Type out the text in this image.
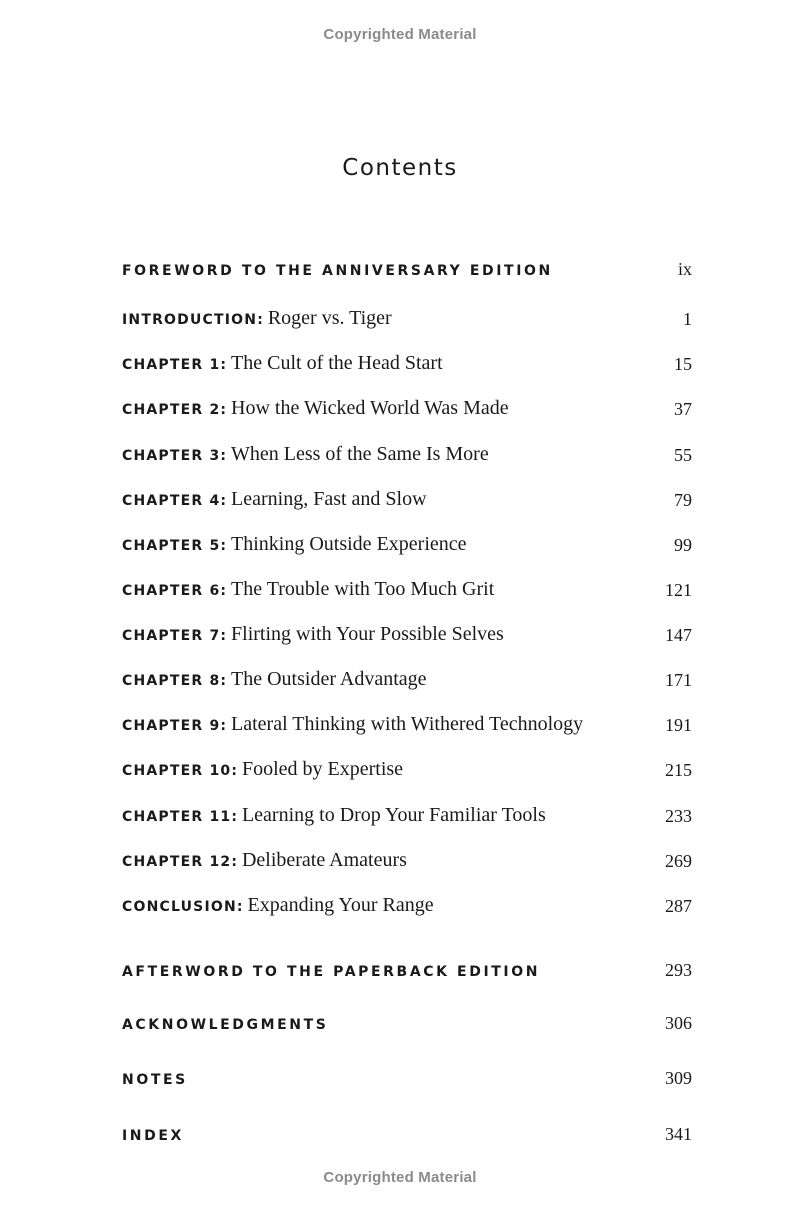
Copyrighted Material
Contents
FOREWORD TO THE ANNIVERSARY EDITION	ix
INTRODUCTION: Roger vs. Tiger	1
CHAPTER 1: The Cult of the Head Start	15
CHAPTER 2: How the Wicked World Was Made	37
CHAPTER 3: When Less of the Same Is More	55
CHAPTER 4: Learning, Fast and Slow	79
CHAPTER 5: Thinking Outside Experience	99
CHAPTER 6: The Trouble with Too Much Grit	121
CHAPTER 7: Flirting with Your Possible Selves	147
CHAPTER 8: The Outsider Advantage	171
CHAPTER 9: Lateral Thinking with Withered Technology	191
CHAPTER 10: Fooled by Expertise	215
CHAPTER 11: Learning to Drop Your Familiar Tools	233
CHAPTER 12: Deliberate Amateurs	269
CONCLUSION: Expanding Your Range	287
AFTERWORD TO THE PAPERBACK EDITION	293
ACKNOWLEDGMENTS	306
NOTES	309
INDEX	341
Copyrighted Material
